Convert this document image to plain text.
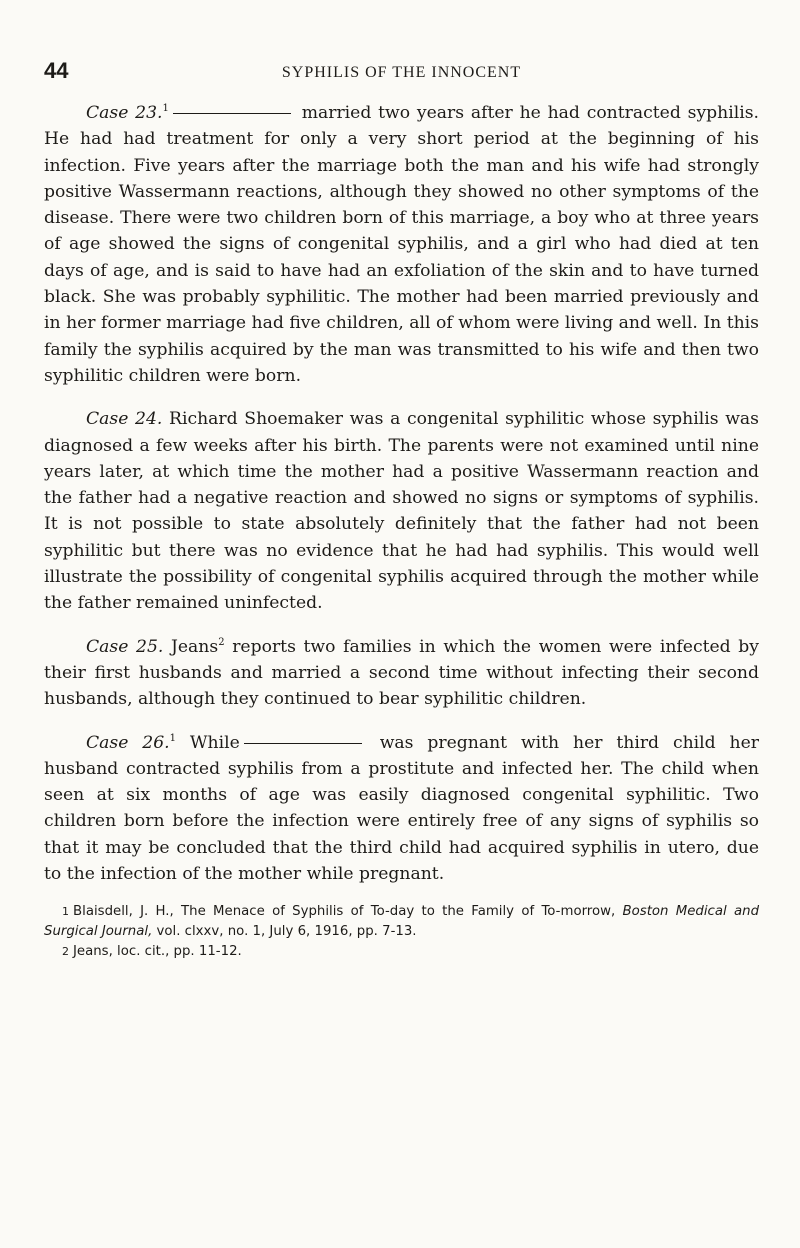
44	SYPHILIS OF THE INNOCENT

Case 23.$^1$	married two years after he had contracted syphilis. He had had treatment for only a very short period at the beginning of his infection. Five years after the marriage both the man and his wife had strongly positive Wassermann reactions, although they showed no other symptoms of the disease. There were two children born of this marriage, a boy who at three years of age showed the signs of congenital syphilis, and a girl who had died at ten days of age, and is said to have had an exfoliation of the skin and to have turned black. She was probably syphilitic. The mother had been married previously and in her former marriage had five children, all of whom were living and well. In this family the syphilis acquired by the man was transmitted to his wife and then two syphilitic children were born.

Case 24. Richard Shoemaker was a congenital syphilitic whose syphilis was diagnosed a few weeks after his birth. The parents were not examined until nine years later, at which time the mother had a positive Wassermann reaction and the father had a negative reaction and showed no signs or symptoms of syphilis. It is not possible to state absolutely definitely that the father had not been syphilitic but there was no evidence that he had had syphilis. This would well illustrate the possibility of congenital syphilis acquired through the mother while the father remained uninfected.

Case 25. Jeans$^2$ reports two families in which the women were infected by their first husbands and married a second time without infecting their second husbands, although they continued to bear syphilitic children.

Case 26.$^1$ While	was pregnant with her third child her husband contracted syphilis from a prostitute and infected her. The child when seen at six months of age was easily diagnosed congenital syphilitic. Two children born before the infection were entirely free of any signs of syphilis so that it may be concluded that the third child had acquired syphilis in utero, due to the infection of the mother while pregnant.

1 Blaisdell, J. H., The Menace of Syphilis of To-day to the Family of To-morrow, Boston Medical and Surgical Journal, vol. clxxv, no. 1, July 6, 1916, pp. 7-13.

2 Jeans, loc. cit., pp. 11-12.
